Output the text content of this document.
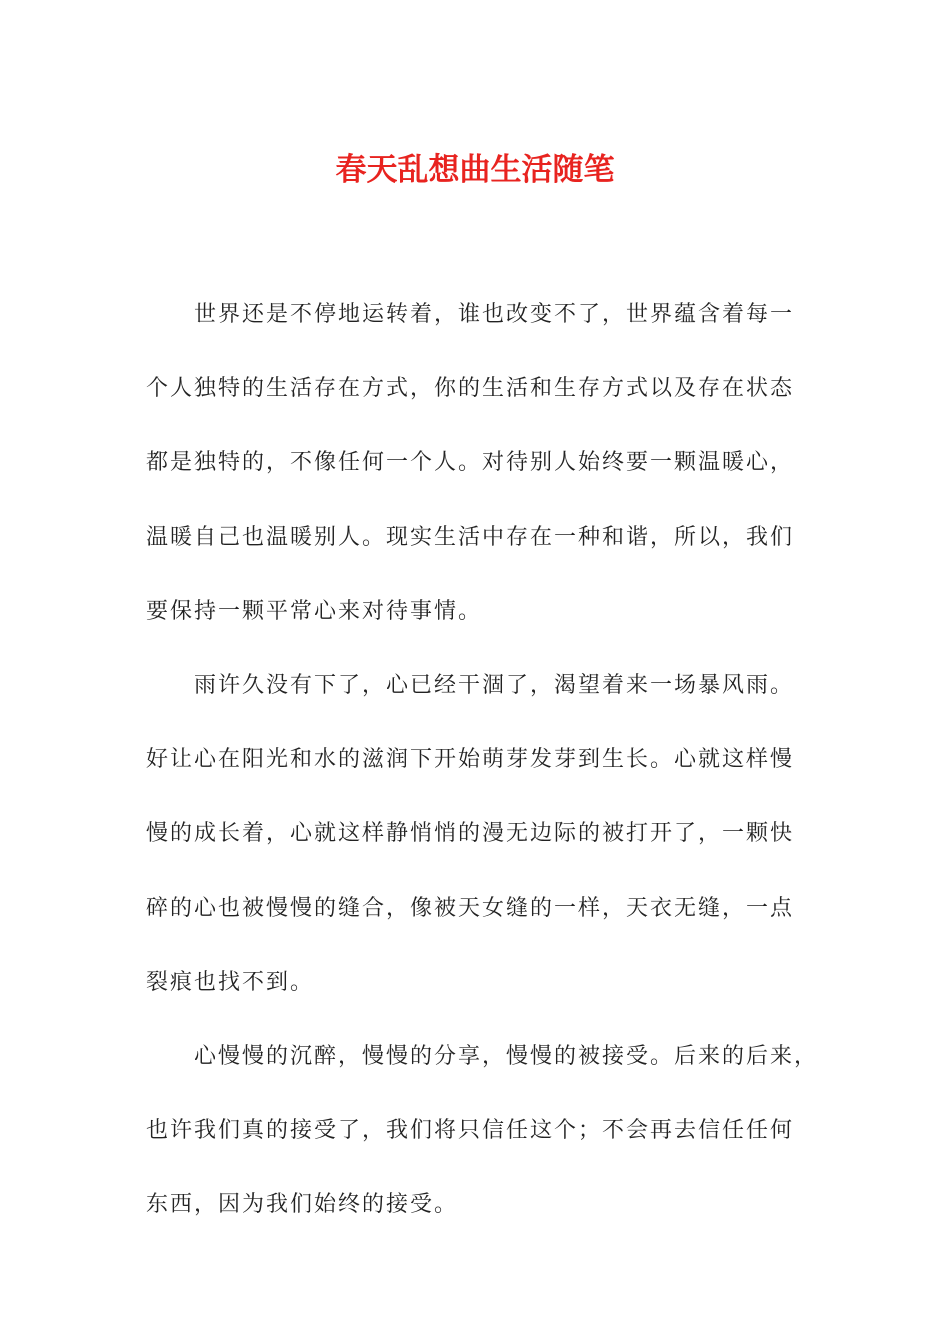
春天乱想曲生活随笔

世界还是不停地运转着，谁也改变不了，世界蕴含着每一
个人独特的生活存在方式，你的生活和生存方式以及存在状态
都是独特的，不像任何一个人。对待别人始终要一颗温暖心，
温暖自己也温暖别人。现实生活中存在一种和谐，所以，我们
要保持一颗平常心来对待事情。

雨许久没有下了，心已经干涸了，渴望着来一场暴风雨。
好让心在阳光和水的滋润下开始萌芽发芽到生长。心就这样慢
慢的成长着，心就这样静悄悄的漫无边际的被打开了，一颗快
碎的心也被慢慢的缝合，像被天女缝的一样，天衣无缝，一点
裂痕也找不到。

心慢慢的沉醉，慢慢的分享，慢慢的被接受。后来的后来，
也许我们真的接受了，我们将只信任这个；不会再去信任任何
东西，因为我们始终的接受。
